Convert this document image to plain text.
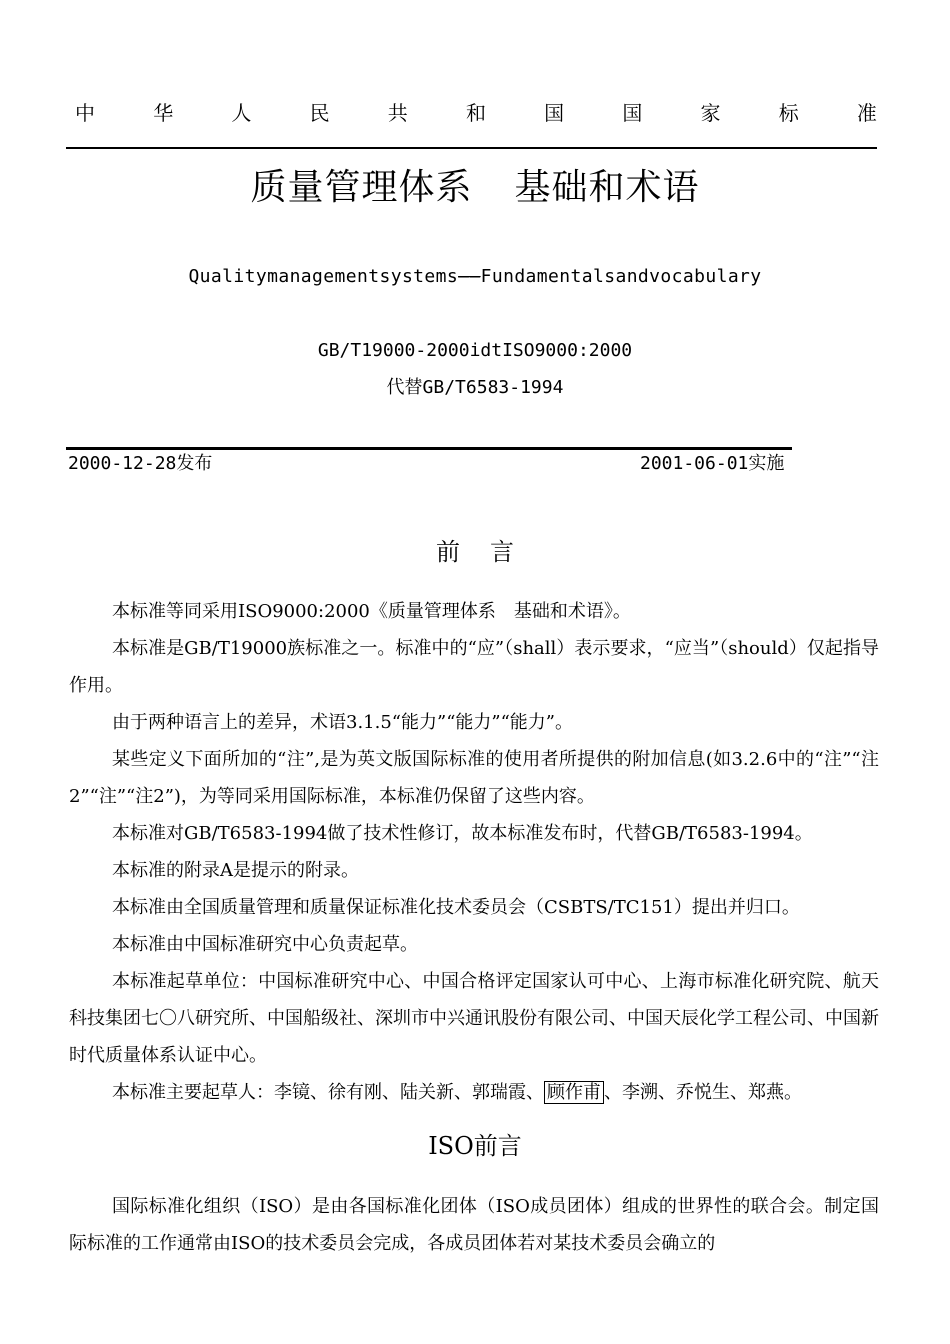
中	华	人	民	共	和	国	国	家	标	准
质量管理体系 基础和术语
Qualitymanagementsystems——Fundamentalsandvocabulary
GB/T19000-2000idtISO9000:2000
代替GB/T6583-1994
2000-12-28发布	2001-06-01实施
前言

本标准等同采用ISO9000:2000《质量管理体系　基础和术语》。

本标准是GB/T19000族标准之一。标准中的“应”（shall）表示要求，“应当”（should）仅起指导作用。

由于两种语言上的差异，术语3.1.5“能力”“能力”“能力”。

某些定义下面所加的“注”,是为英文版国际标准的使用者所提供的附加信息(如3.2.6中的“注”“注2”“注”“注2”)，为等同采用国际标准，本标准仍保留了这些内容。

本标准对GB/T6583-1994做了技术性修订，故本标准发布时，代替GB/T6583-1994。

本标准的附录A是提示的附录。

本标准由全国质量管理和质量保证标准化技术委员会（CSBTS/TC151）提出并归口。

本标准由中国标准研究中心负责起草。

本标准起草单位：中国标准研究中心、中国合格评定国家认可中心、上海市标准化研究院、航天科技集团七〇八研究所、中国船级社、深圳市中兴通讯股份有限公司、中国天辰化学工程公司、中国新时代质量体系认证中心。

本标准主要起草人：李镜、徐有刚、陆关新、郭瑞霞、 顾作甫 、李溯、乔悦生、郑燕。

ISO前言

国际标准化组织（ISO）是由各国标准化团体（ISO成员团体）组成的世界性的联合会。制定国际标准的工作通常由ISO的技术委员会完成，各成员团体若对某技术委员会确立的
